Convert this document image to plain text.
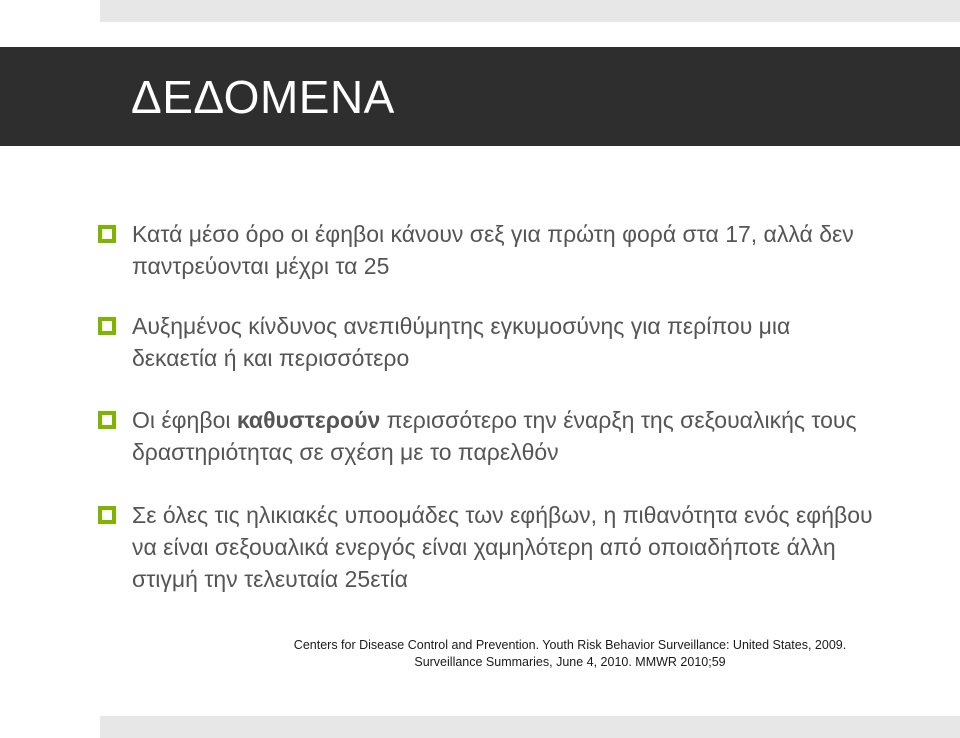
ΔΕΔΟΜΕΝΑ
Κατά μέσο όρο οι έφηβοι κάνουν σεξ για πρώτη φορά στα 17, αλλά δεν παντρεύονται μέχρι τα 25
Αυξημένος κίνδυνος ανεπιθύμητης εγκυμοσύνης για περίπου μια δεκαετία ή και περισσότερο
Οι έφηβοι καθυστερούν περισσότερο την έναρξη της σεξουαλικής τους δραστηριότητας σε σχέση με το παρελθόν
Σε όλες τις ηλικιακές υποομάδες των εφήβων, η πιθανότητα ενός εφήβου να είναι σεξουαλικά ενεργός είναι χαμηλότερη από οποιαδήποτε άλλη στιγμή την τελευταία 25ετία
Centers for Disease Control and Prevention. Youth Risk Behavior Surveillance: United States, 2009.
Surveillance Summaries, June 4, 2010. MMWR 2010;59
